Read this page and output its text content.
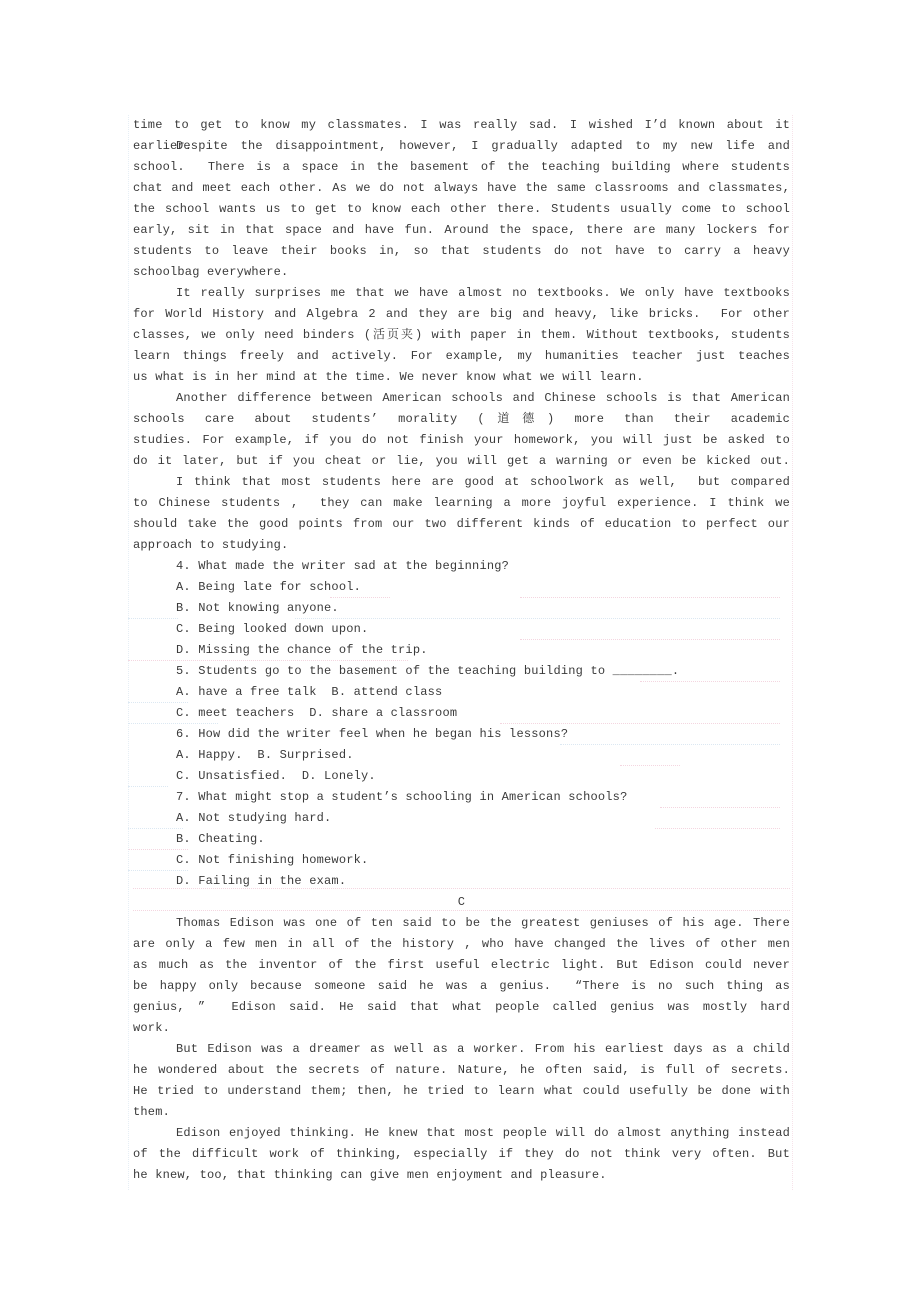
time to get to know my classmates. I was really sad. I wished I’d known about it earlier.
Despite the disappointment, however, I gradually adapted to my new life and
school.  There is a space in the basement of the teaching building where students
chat and meet each other. As we do not always have the same classrooms and classmates,
the school wants us to get to know each other there. Students usually come to school
early, sit in that space and have fun. Around the space, there are many lockers for
students to leave their books in, so that students do not have to carry a heavy
schoolbag everywhere.
It really surprises me that we have almost no textbooks. We only have textbooks
for World History and Algebra 2 and they are big and heavy, like bricks.  For other
classes, we only need binders (活页夹) with paper in them. Without textbooks, students
learn things freely and actively. For example, my humanities teacher just teaches
us what is in her mind at the time. We never know what we will learn.
Another difference between American schools and Chinese schools is that American
schools care about students’ morality (道德) more than their academic
studies. For example, if you do not finish your homework, you will just be asked to
do it later, but if you cheat or lie, you will get a warning or even be kicked out.
I think that most students here are good at schoolwork as well,  but compared
to Chinese students ,  they can make learning a more joyful experience. I think we
should take the good points from our two different kinds of education to perfect our
approach to studying.
4. What made the writer sad at the beginning?
A. Being late for school.
B. Not knowing anyone.
C. Being looked down upon.
D. Missing the chance of the trip.
5. Students go to the basement of the teaching building to ________.
A. have a free talk  B. attend class
C. meet teachers  D. share a classroom
6. How did the writer feel when he began his lessons?
A. Happy.  B. Surprised.
C. Unsatisfied.  D. Lonely.
7. What might stop a student’s schooling in American schools?
A. Not studying hard.
B. Cheating.
C. Not finishing homework.
D. Failing in the exam.
C
Thomas Edison was one of ten said to be the greatest geniuses of his age. There
are only a few men in all of the history , who have changed the lives of other men
as much as the inventor of the first useful electric light. But Edison could never
be happy only because someone said he was a genius.  “There is no such thing as
genius, ”  Edison said. He said that what people called genius was mostly hard
work.
But Edison was a dreamer as well as a worker. From his earliest days as a child
he wondered about the secrets of nature. Nature, he often said, is full of secrets.
He tried to understand them; then, he tried to learn what could usefully be done with
them.
Edison enjoyed thinking. He knew that most people will do almost anything instead
of the difficult work of thinking, especially if they do not think very often. But
he knew, too, that thinking can give men enjoyment and pleasure.
